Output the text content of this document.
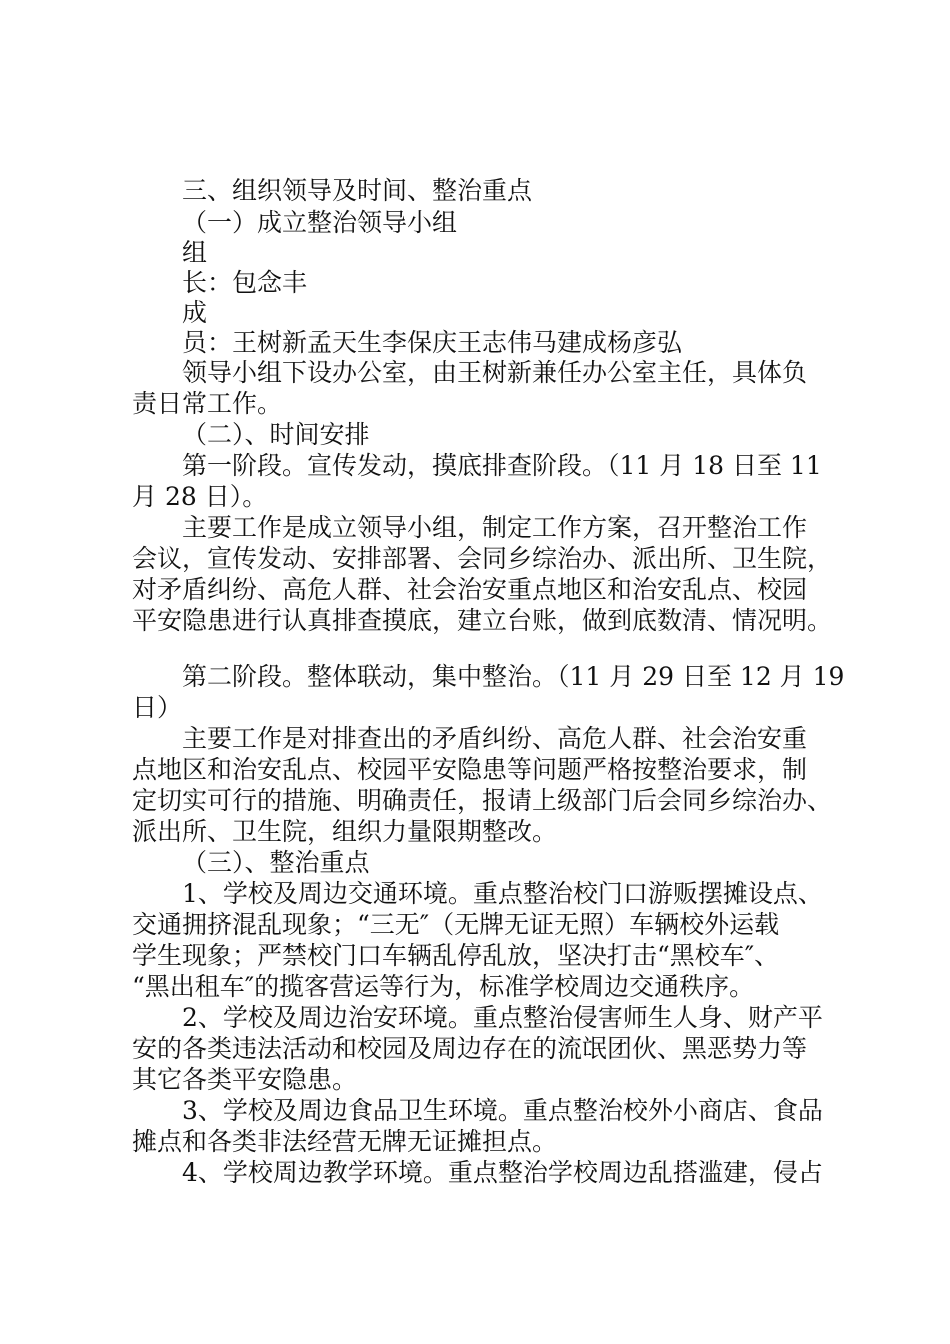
三、组织领导及时间、整治重点
（一）成立整治领导小组
组
长：包念丰
成
员：王树新孟天生李保庆王志伟马建成杨彦弘
领导小组下设办公室，由王树新兼任办公室主任，具体负
责日常工作。
（二）、时间安排
第一阶段。宣传发动，摸底排查阶段。（11 月 18 日至 11
月 28 日）。
主要工作是成立领导小组，制定工作方案，召开整治工作
会议，宣传发动、安排部署、会同乡综治办、派出所、卫生院，
对矛盾纠纷、高危人群、社会治安重点地区和治安乱点、校园
平安隐患进行认真排查摸底，建立台账，做到底数清、情况明。
第二阶段。整体联动，集中整治。（11 月 29 日至 12 月 19
日）
主要工作是对排查出的矛盾纠纷、高危人群、社会治安重
点地区和治安乱点、校园平安隐患等问题严格按整治要求，制
定切实可行的措施、明确责任，报请上级部门后会同乡综治办、
派出所、卫生院，组织力量限期整改。
（三）、整治重点
1、学校及周边交通环境。重点整治校门口游贩摆摊设点、
交通拥挤混乱现象；“三无″（无牌无证无照）车辆校外运载
学生现象；严禁校门口车辆乱停乱放，坚决打击“黑校车″、
“黑出租车″的揽客营运等行为，标准学校周边交通秩序。
2、学校及周边治安环境。重点整治侵害师生人身、财产平
安的各类违法活动和校园及周边存在的流氓团伙、黑恶势力等
其它各类平安隐患。
3、学校及周边食品卫生环境。重点整治校外小商店、食品
摊点和各类非法经营无牌无证摊担点。
4、学校周边教学环境。重点整治学校周边乱搭滥建，侵占
